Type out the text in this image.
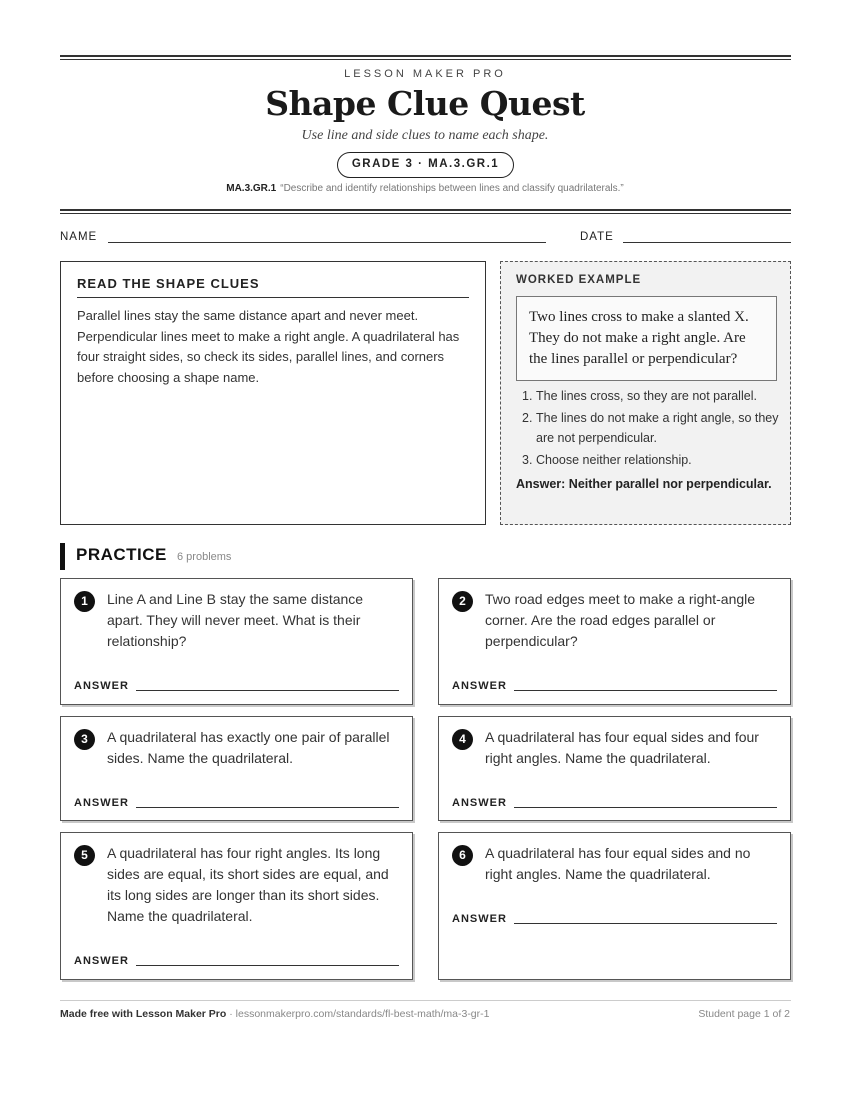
LESSON MAKER PRO
Shape Clue Quest
Use line and side clues to name each shape.
GRADE 3 · MA.3.GR.1
MA.3.GR.1 “Describe and identify relationships between lines and classify quadrilaterals.”
NAME	DATE
READ THE SHAPE CLUES
Parallel lines stay the same distance apart and never meet. Perpendicular lines meet to make a right angle. A quadrilateral has four straight sides, so check its sides, parallel lines, and corners before choosing a shape name.
WORKED EXAMPLE
Two lines cross to make a slanted X. They do not make a right angle. Are the lines parallel or perpendicular?
1. The lines cross, so they are not parallel.
2. The lines do not make a right angle, so they are not perpendicular.
3. Choose neither relationship.
Answer: Neither parallel nor perpendicular.
PRACTICE 6 problems
1	Line A and Line B stay the same distance apart. They will never meet. What is their relationship?
ANSWER
2	Two road edges meet to make a right-angle corner. Are the road edges parallel or perpendicular?
ANSWER
3	A quadrilateral has exactly one pair of parallel sides. Name the quadrilateral.
ANSWER
4	A quadrilateral has four equal sides and four right angles. Name the quadrilateral.
ANSWER
5	A quadrilateral has four right angles. Its long sides are equal, its short sides are equal, and its long sides are longer than its short sides. Name the quadrilateral.
ANSWER
6	A quadrilateral has four equal sides and no right angles. Name the quadrilateral.
ANSWER
Made free with Lesson Maker Pro · lessonmakerpro.com/standards/fl-best-math/ma-3-gr-1	Student page 1 of 2
